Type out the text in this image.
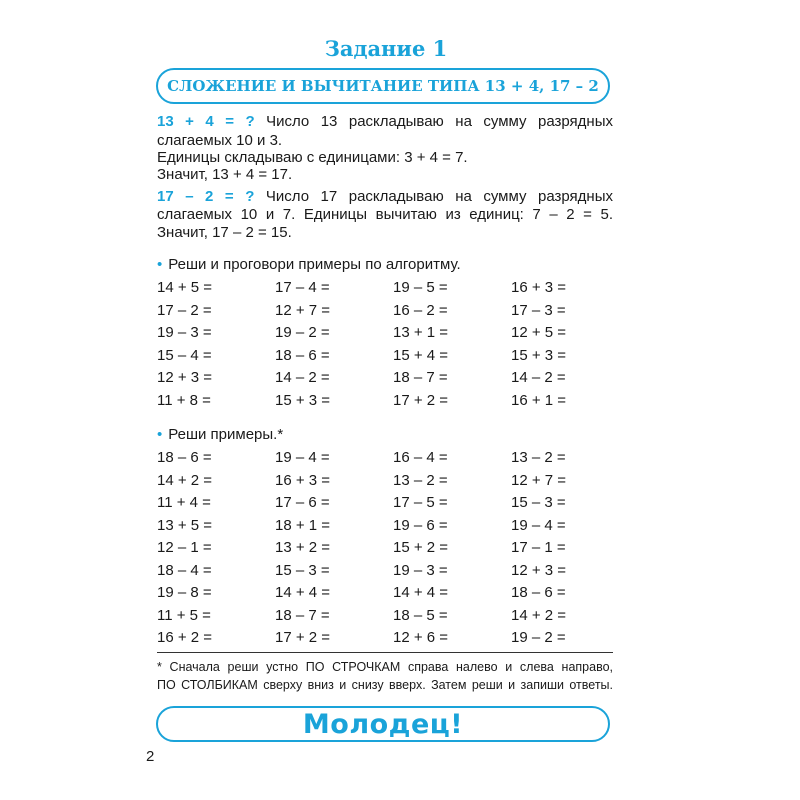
Задание 1
СЛОЖЕНИЕ И ВЫЧИТАНИЕ ТИПА 13 + 4, 17 – 2

13 + 4 = ? Число 13 раскладываю на сумму разрядных

слагаемых 10 и 3.

Единицы складываю с единицами: 3 + 4 = 7.

Значит, 13 + 4 = 17.

17 – 2 = ? Число 17 раскладываю на сумму разрядных

слагаемых 10 и 7. Единицы вычитаю из единиц: 7 – 2 = 5.

Значит, 17 – 2 = 15.

• Реши и проговори примеры по алгоритму.
14 + 5 =	17 – 4 =	19 – 5 =	16 + 3 =
17 – 2 =	12 + 7 =	16 – 2 =	17 – 3 =
19 – 3 =	19 – 2 =	13 + 1 =	12 + 5 =
15 – 4 =	18 – 6 =	15 + 4 =	15 + 3 =
12 + 3 =	14 – 2 =	18 – 7 =	14 – 2 =
11 + 8 =	15 + 3 =	17 + 2 =	16 + 1 =
• Реши примеры.*
18 – 6 =	19 – 4 =	16 – 4 =	13 – 2 =
14 + 2 =	16 + 3 =	13 – 2 =	12 + 7 =
11 + 4 =	17 – 6 =	17 – 5 =	15 – 3 =
13 + 5 =	18 + 1 =	19 – 6 =	19 – 4 =
12 – 1 =	13 + 2 =	15 + 2 =	17 – 1 =
18 – 4 =	15 – 3 =	19 – 3 =	12 + 3 =
19 – 8 =	14 + 4 =	14 + 4 =	18 – 6 =
11 + 5 =	18 – 7 =	18 – 5 =	14 + 2 =
16 + 2 =	17 + 2 =	12 + 6 =	19 – 2 =

* Сначала реши устно ПО СТРОЧКАМ справа налево и слева направо,

ПО СТОЛБИКАМ сверху вниз и снизу вверх. Затем реши и запиши ответы.

Молодец!
2
